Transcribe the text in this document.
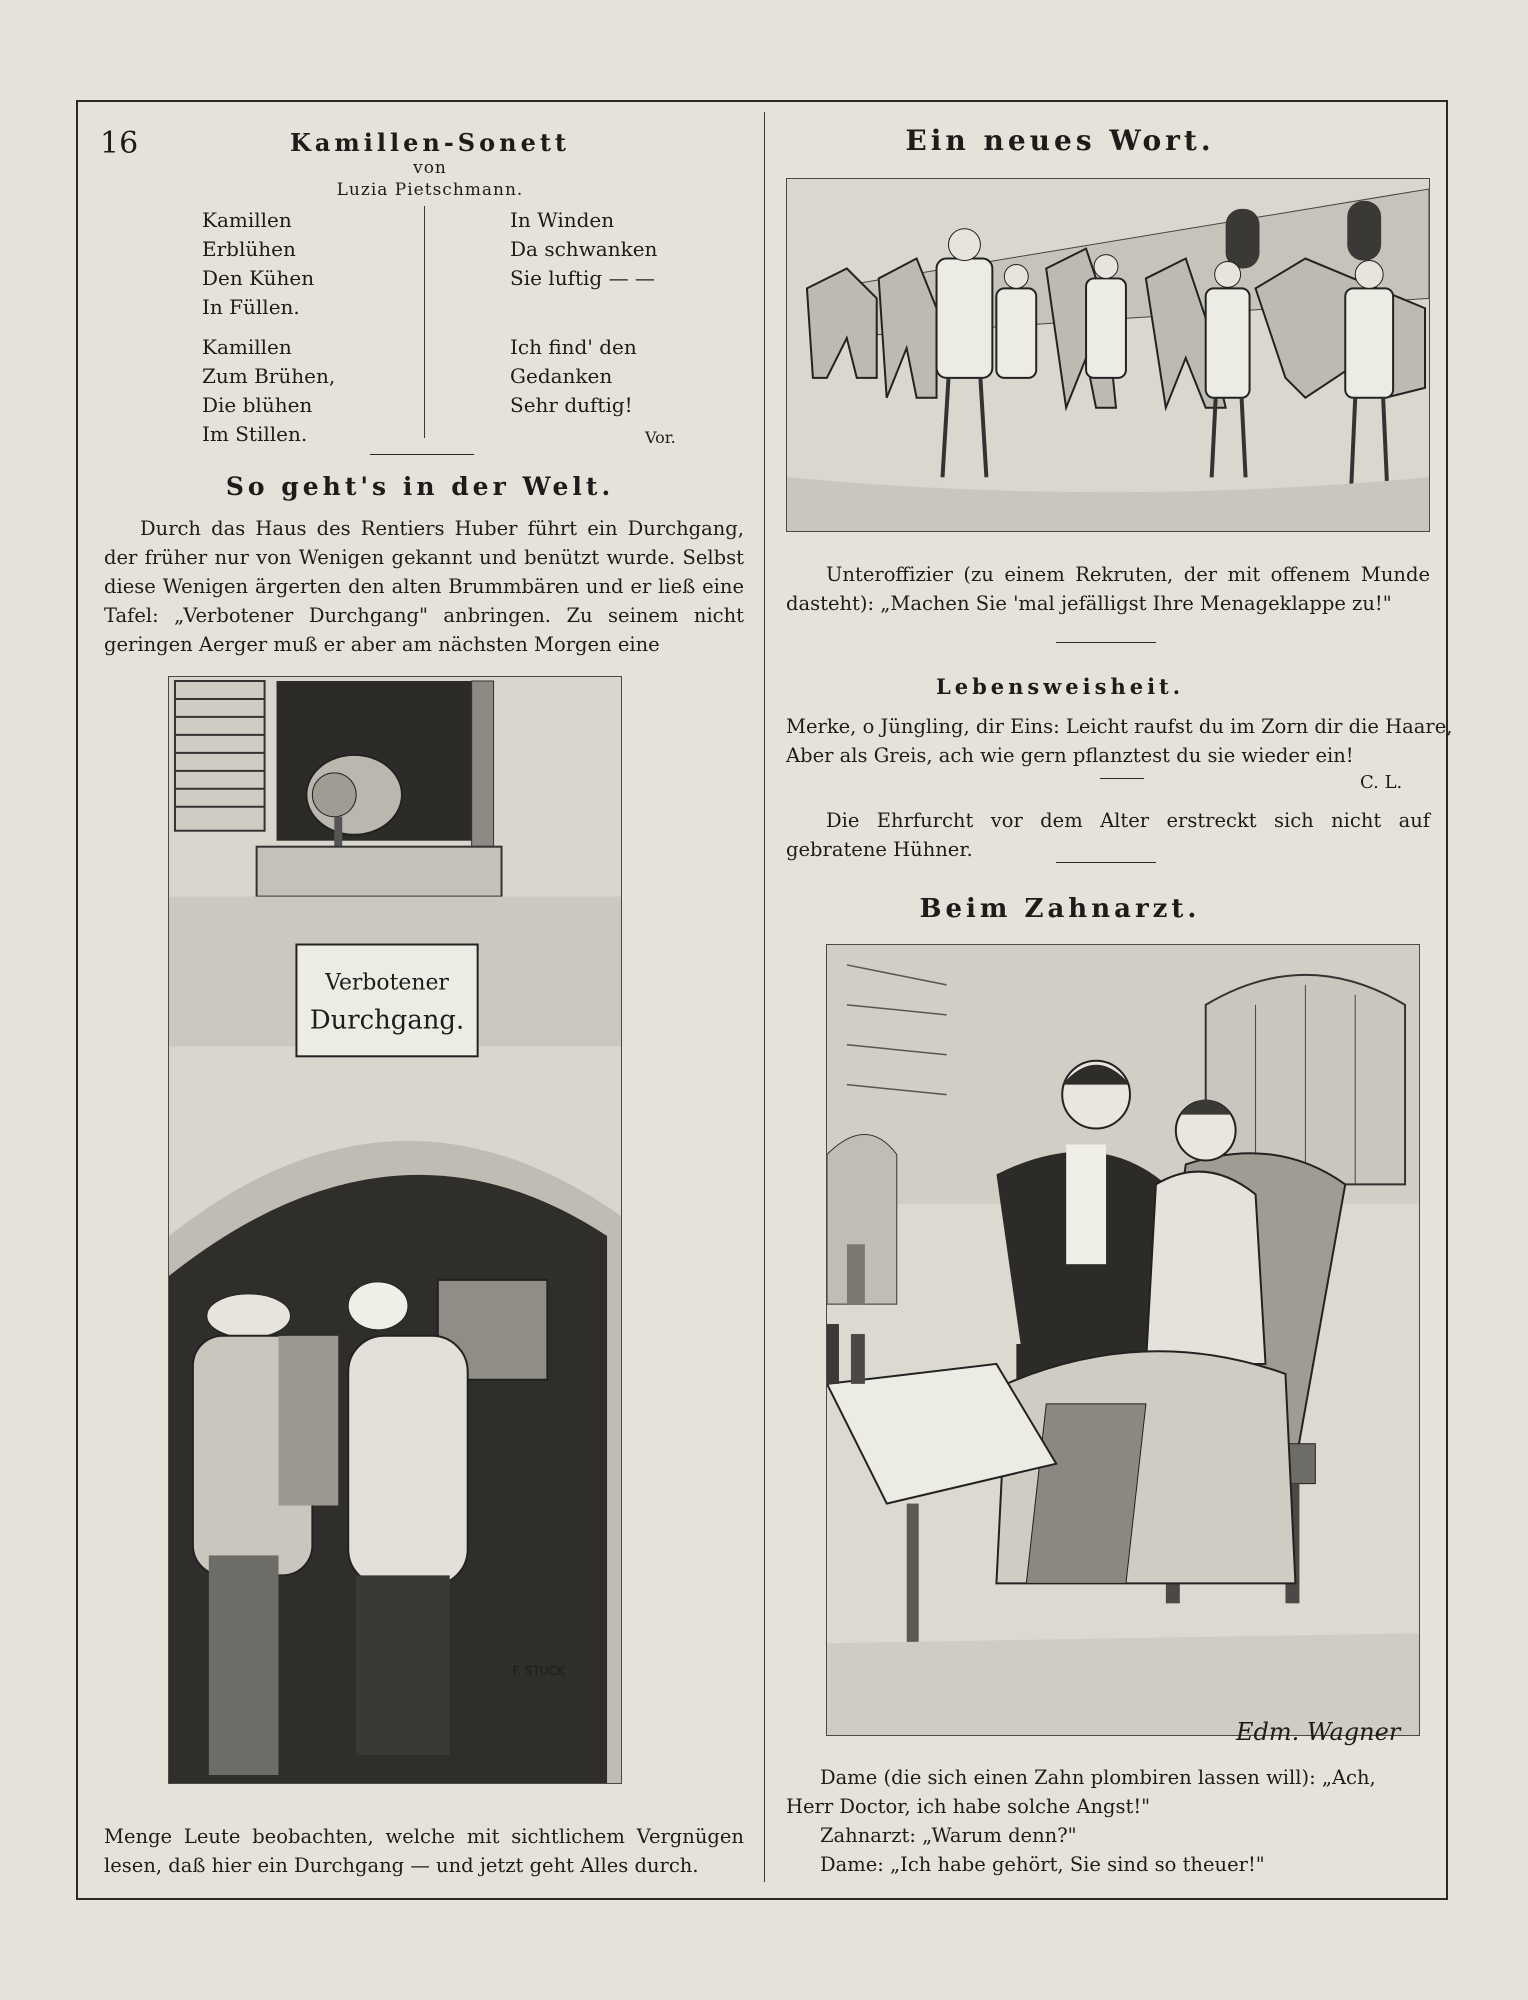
16	Kamillen-Sonett
von
Luzia Pietschmann.
Kamillen
Erblühen
Den Kühen
In Füllen.
In Winden
Da schwanken
Sie luftig — —
Kamillen
Zum Brühen,
Die blühen
Im Stillen.
Ich find' den
Gedanken
Sehr duftig!
Vor.
So geht's in der Welt.
Durch das Haus des Rentiers Huber führt ein Durchgang, der früher nur von Wenigen gekannt und benützt wurde. Selbst diese Wenigen ärgerten den alten Brummbären und er ließ eine Tafel: „Verbotener Durchgang" anbringen. Zu seinem nicht geringen Aerger muß er aber am nächsten Morgen eine
Verbotener
Durchgang.
F. STUCK
Menge Leute beobachten, welche mit sichtlichem Vergnügen lesen, daß hier ein Durchgang — und jetzt geht Alles durch.
Ein neues Wort.
Unteroffizier (zu einem Rekruten, der mit offenem Munde dasteht): „Machen Sie 'mal jefälligst Ihre Menageklappe zu!"
Lebensweisheit.
Merke, o Jüngling, dir Eins: Leicht raufst du im Zorn dir die Haare,
Aber als Greis, ach wie gern pflanztest du sie wieder ein!
C. L.
Die Ehrfurcht vor dem Alter erstreckt sich nicht auf gebratene Hühner.
Beim Zahnarzt.
Edm. Wagner
Dame (die sich einen Zahn plombiren lassen will): „Ach,
Herr Doctor, ich habe solche Angst!"
Zahnarzt: „Warum denn?"
Dame: „Ich habe gehört, Sie sind so theuer!"
